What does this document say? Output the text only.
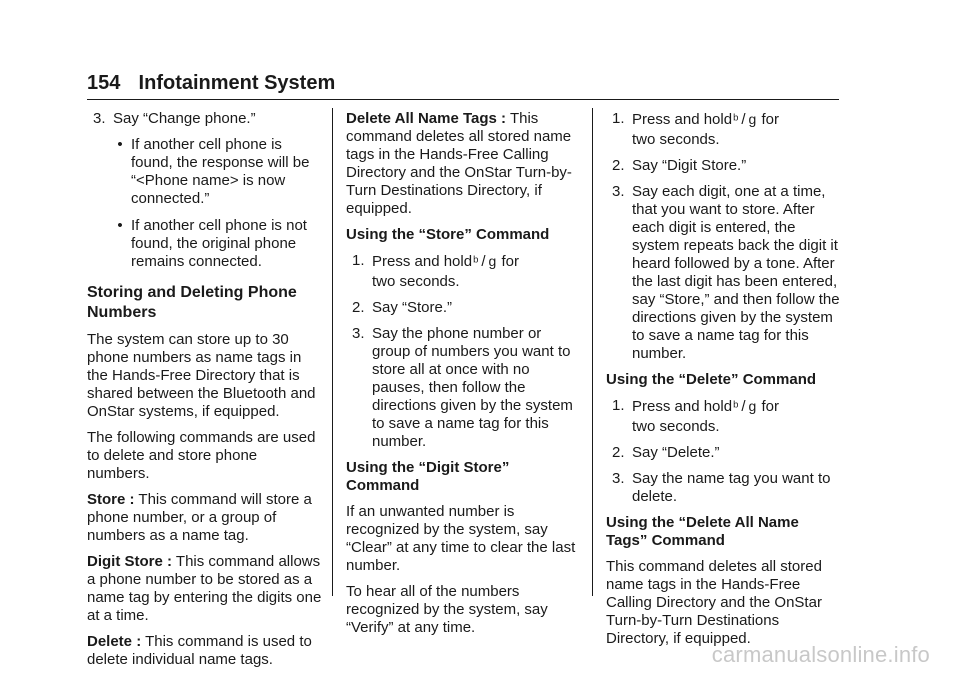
154 Infotainment System
3. Say “Change phone.”
• If another cell phone is found, the response will be “<Phone name> is now connected.”
• If another cell phone is not found, the original phone remains connected.
Storing and Deleting Phone Numbers

The system can store up to 30 phone numbers as name tags in the Hands-Free Directory that is shared between the Bluetooth and OnStar systems, if equipped.

The following commands are used to delete and store phone numbers.

Store : This command will store a phone number, or a group of numbers as a name tag.

Digit Store : This command allows a phone number to be stored as a name tag by entering the digits one at a time.

Delete : This command is used to delete individual name tags.

Delete All Name Tags : This command deletes all stored name tags in the Hands-Free Calling Directory and the OnStar Turn-by-Turn Destinations Directory, if equipped.

Using the “Store” Command
1. Press and holdᵇ / ɡ for
two seconds.
2. Say “Store.”
3. Say the phone number or group of numbers you want to store all at once with no pauses, then follow the directions given by the system to save a name tag for this number.
Using the “Digit Store” Command

If an unwanted number is recognized by the system, say “Clear” at any time to clear the last number.

To hear all of the numbers recognized by the system, say “Verify” at any time.

1. Press and holdᵇ / ɡ for
two seconds.
2. Say “Digit Store.”
3. Say each digit, one at a time, that you want to store. After each digit is entered, the system repeats back the digit it heard followed by a tone. After the last digit has been entered, say “Store,” and then follow the directions given by the system to save a name tag for this number.
Using the “Delete” Command
1. Press and holdᵇ / ɡ for
two seconds.
2. Say “Delete.”
3. Say the name tag you want to delete.
Using the “Delete All Name Tags” Command

This command deletes all stored name tags in the Hands-Free Calling Directory and the OnStar Turn-by-Turn Destinations Directory, if equipped.

carmanualsonline.info
